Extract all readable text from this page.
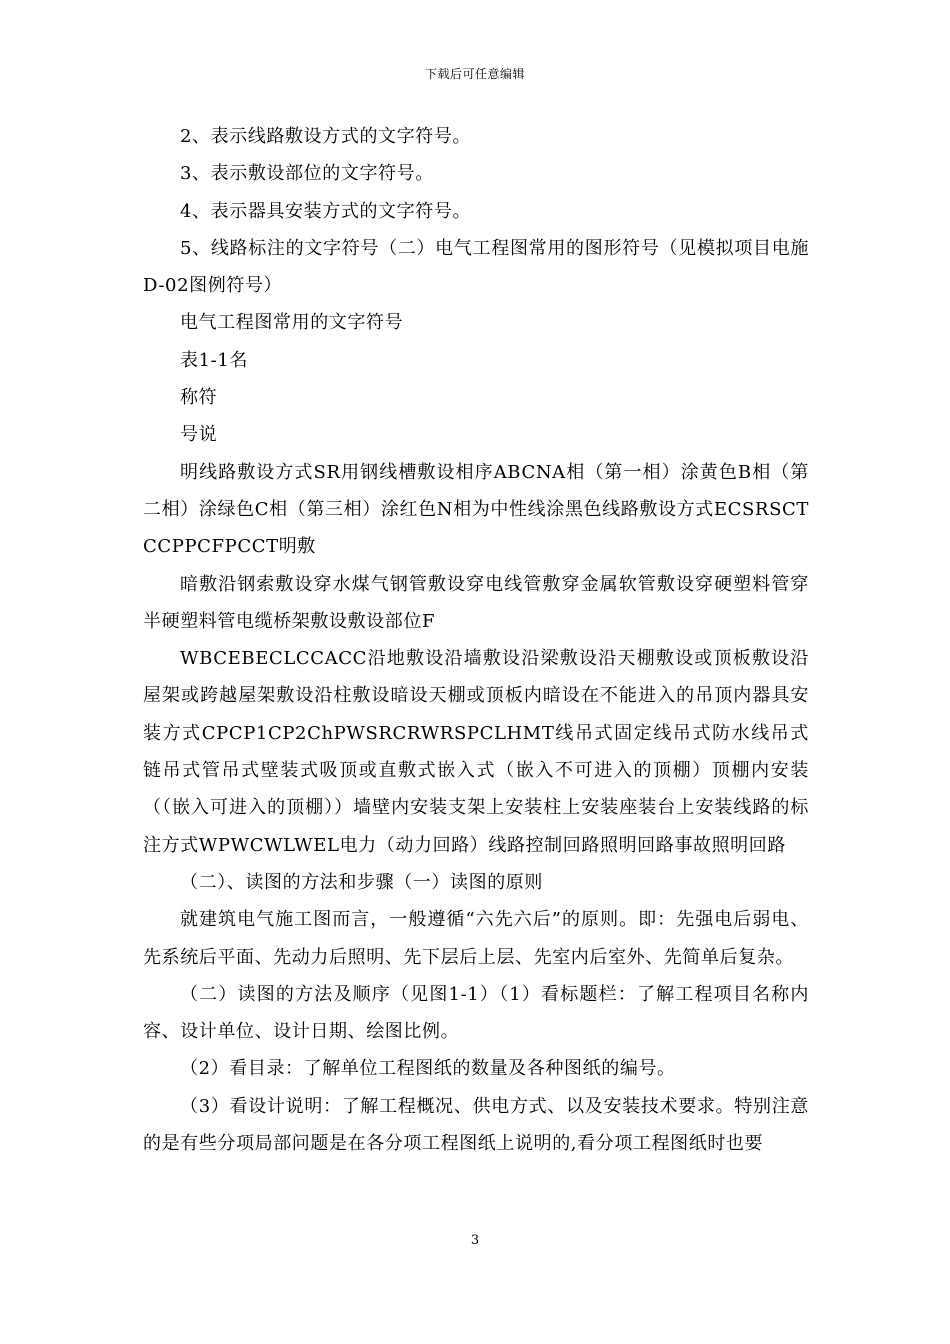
下载后可任意编辑

2、表示线路敷设方式的文字符号。

3、表示敷设部位的文字符号。

4、表示器具安装方式的文字符号。

5、线路标注的文字符号（二）电气工程图常用的图形符号（见模拟项目电施D-02图例符号）

电气工程图常用的文字符号

表1-1名

称符

号说

明线路敷设方式SR用钢线槽敷设相序ABCNA相（第一相）涂黄色B相（第二相）涂绿色C相（第三相）涂红色N相为中性线涂黑色线路敷设方式ECSRSCTCCPPCFPCCT明敷

暗敷沿钢索敷设穿水煤气钢管敷设穿电线管敷穿金属软管敷设穿硬塑料管穿半硬塑料管电缆桥架敷设敷设部位F

WBCEBECLCCACC沿地敷设沿墙敷设沿梁敷设沿天棚敷设或顶板敷设沿屋架或跨越屋架敷设沿柱敷设暗设天棚或顶板内暗设在不能进入的吊顶内器具安装方式CPCP1CP2ChPWSRCRWRSPCLHMT线吊式固定线吊式防水线吊式链吊式管吊式壁装式吸顶或直敷式嵌入式（嵌入不可进入的顶棚）顶棚内安装（（嵌入可进入的顶棚））墙壁内安装支架上安装柱上安装座装台上安装线路的标注方式WPWCWLWEL电力（动力回路）线路控制回路照明回路事故照明回路

（二）、读图的方法和步骤（一）读图的原则

就建筑电气施工图而言，一般遵循“六先六后”的原则。即：先强电后弱电、先系统后平面、先动力后照明、先下层后上层、先室内后室外、先简单后复杂。

（二）读图的方法及顺序（见图1-1）（1）看标题栏：了解工程项目名称内容、设计单位、设计日期、绘图比例。

（2）看目录：了解单位工程图纸的数量及各种图纸的编号。

（3）看设计说明：了解工程概况、供电方式、以及安装技术要求。特别注意的是有些分项局部问题是在各分项工程图纸上说明的,看分项工程图纸时也要

3
